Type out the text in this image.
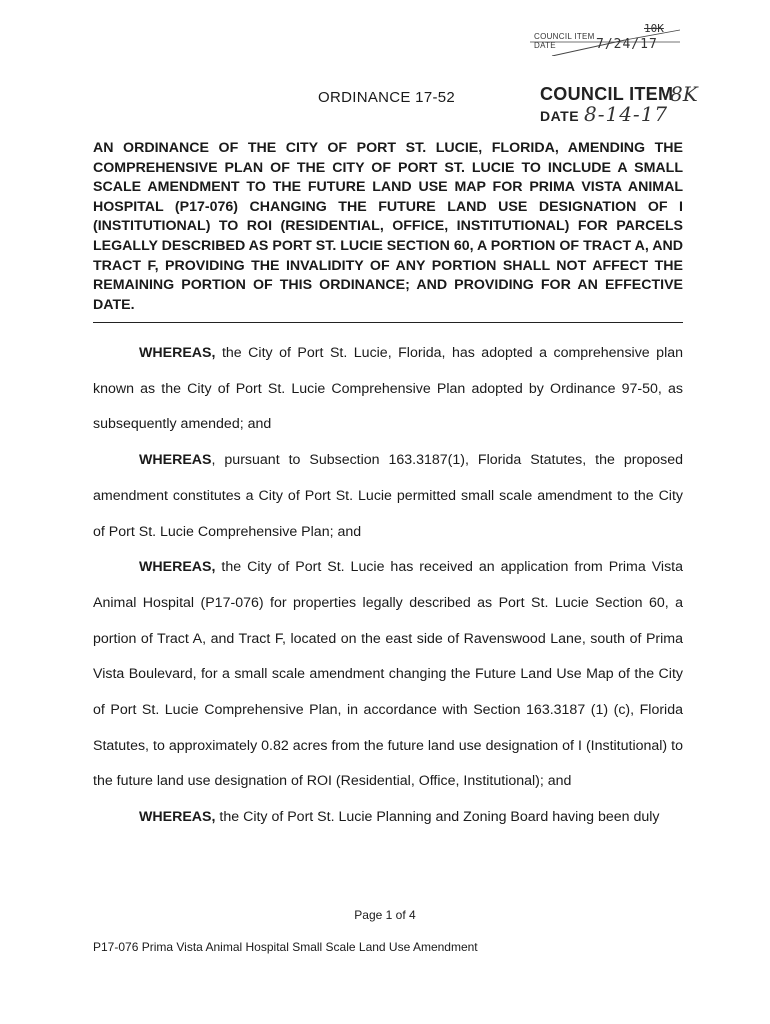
COUNCIL ITEM
10K
DATE	7/24/17
ORDINANCE 17-52	COUNCIL ITEM
8K
DATE 8-14-17
AN ORDINANCE OF THE CITY OF PORT ST. LUCIE, FLORIDA, AMENDING THE COMPREHENSIVE PLAN OF THE CITY OF PORT ST. LUCIE TO INCLUDE A SMALL SCALE AMENDMENT TO THE FUTURE LAND USE MAP FOR PRIMA VISTA ANIMAL HOSPITAL (P17-076) CHANGING THE FUTURE LAND USE DESIGNATION OF I (INSTITUTIONAL) TO ROI (RESIDENTIAL, OFFICE, INSTITUTIONAL) FOR PARCELS LEGALLY DESCRIBED AS PORT ST. LUCIE SECTION 60, A PORTION OF TRACT A, AND TRACT F, PROVIDING THE INVALIDITY OF ANY PORTION SHALL NOT AFFECT THE REMAINING PORTION OF THIS ORDINANCE; AND PROVIDING FOR AN EFFECTIVE DATE.

WHEREAS, the City of Port St. Lucie, Florida, has adopted a comprehensive plan known as the City of Port St. Lucie Comprehensive Plan adopted by Ordinance 97-50, as subsequently amended; and

WHEREAS, pursuant to Subsection 163.3187(1), Florida Statutes, the proposed amendment constitutes a City of Port St. Lucie permitted small scale amendment to the City of Port St. Lucie Comprehensive Plan; and

WHEREAS, the City of Port St. Lucie has received an application from Prima Vista Animal Hospital (P17-076) for properties legally described as Port St. Lucie Section 60, a portion of Tract A, and Tract F, located on the east side of Ravenswood Lane, south of Prima Vista Boulevard, for a small scale amendment changing the Future Land Use Map of the City of Port St. Lucie Comprehensive Plan, in accordance with Section 163.3187 (1) (c), Florida Statutes, to approximately 0.82 acres from the future land use designation of I (Institutional) to the future land use designation of ROI (Residential, Office, Institutional); and

WHEREAS, the City of Port St. Lucie Planning and Zoning Board having been duly

Page 1 of 4
P17-076 Prima Vista Animal Hospital Small Scale Land Use Amendment
